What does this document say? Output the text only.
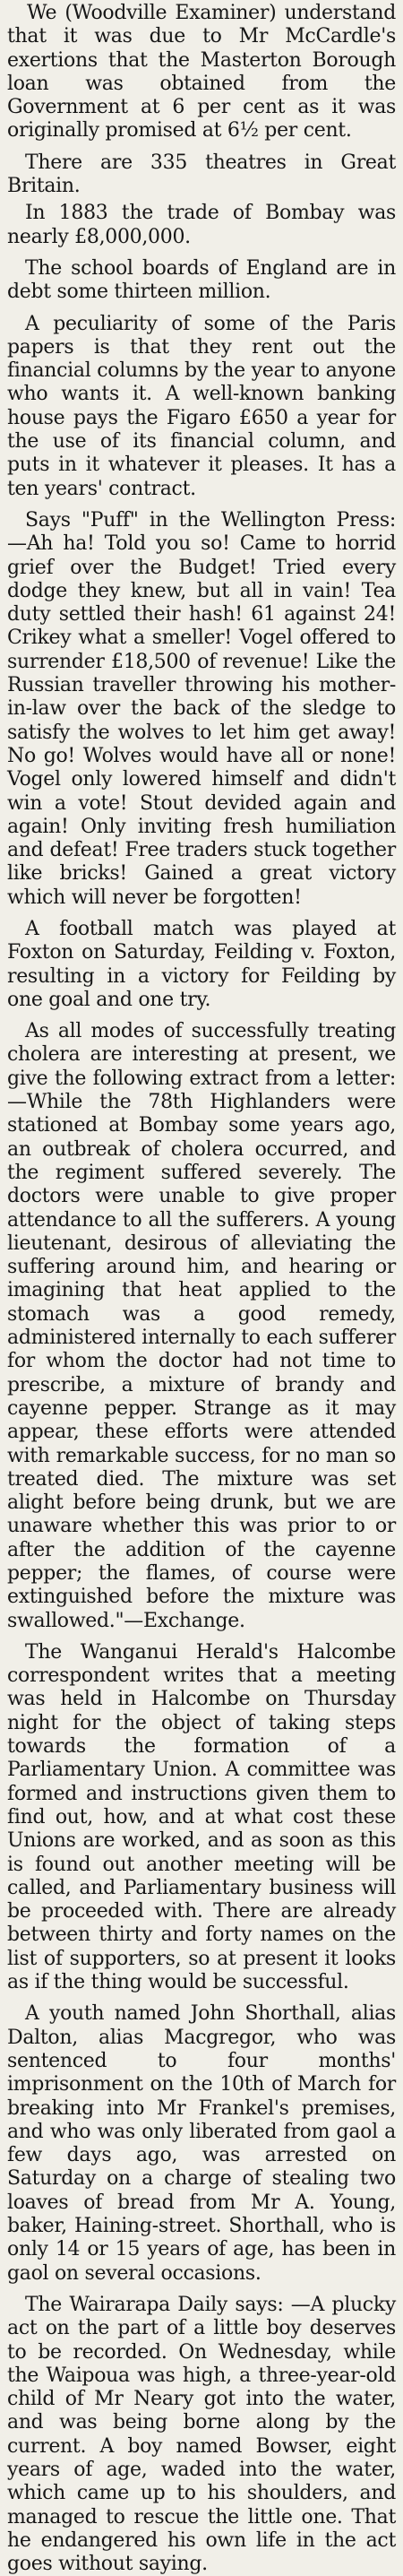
We (Woodville Examiner) understand that it was due to Mr McCardle's exertions that the Masterton Borough loan was obtained from the Government at 6 per cent as it was originally promised at 6½ per cent.

There are 335 theatres in Great Britain.

In 1883 the trade of Bombay was nearly £8,000,000.

The school boards of England are in debt some thirteen million.

A peculiarity of some of the Paris papers is that they rent out the financial columns by the year to anyone who wants it. A well-known banking house pays the Figaro £650 a year for the use of its financial column, and puts in it whatever it pleases. It has a ten years' contract.

Says "Puff" in the Wellington Press: —Ah ha! Told you so! Came to horrid grief over the Budget! Tried every dodge they knew, but all in vain! Tea duty settled their hash! 61 against 24! Crikey what a smeller! Vogel offered to surrender £18,500 of revenue! Like the Russian traveller throwing his mother-in-law over the back of the sledge to satisfy the wolves to let him get away! No go! Wolves would have all or none! Vogel only lowered himself and didn't win a vote! Stout devided again and again! Only inviting fresh humiliation and defeat! Free traders stuck together like bricks! Gained a great victory which will never be forgotten!

A football match was played at Foxton on Saturday, Feilding v. Foxton, resulting in a victory for Feilding by one goal and one try.

As all modes of successfully treating cholera are interesting at present, we give the following extract from a letter: —While the 78th Highlanders were stationed at Bombay some years ago, an outbreak of cholera occurred, and the regiment suffered severely. The doctors were unable to give proper attendance to all the sufferers. A young lieutenant, desirous of alleviating the suffering around him, and hearing or imagining that heat applied to the stomach was a good remedy, administered internally to each sufferer for whom the doctor had not time to prescribe, a mixture of brandy and cayenne pepper. Strange as it may appear, these efforts were attended with remarkable success, for no man so treated died. The mixture was set alight before being drunk, but we are unaware whether this was prior to or after the addition of the cayenne pepper; the flames, of course were extinguished before the mixture was swallowed."—Exchange.

The Wanganui Herald's Halcombe correspondent writes that a meeting was held in Halcombe on Thursday night for the object of taking steps towards the formation of a Parliamentary Union. A committee was formed and instructions given them to find out, how, and at what cost these Unions are worked, and as soon as this is found out another meeting will be called, and Parliamentary business will be proceeded with. There are already between thirty and forty names on the list of supporters, so at present it looks as if the thing would be successful.

A youth named John Shorthall, alias Dalton, alias Macgregor, who was sentenced to four months' imprisonment on the 10th of March for breaking into Mr Frankel's premises, and who was only liberated from gaol a few days ago, was arrested on Saturday on a charge of stealing two loaves of bread from Mr A. Young, baker, Haining-street. Shorthall, who is only 14 or 15 years of age, has been in gaol on several occasions.

The Wairarapa Daily says: —A plucky act on the part of a little boy deserves to be recorded. On Wednesday, while the Waipoua was high, a three-year-old child of Mr Neary got into the water, and was being borne along by the current. A boy named Bowser, eight years of age, waded into the water, which came up to his shoulders, and managed to rescue the little one. That he endangered his own life in the act goes without saying.
